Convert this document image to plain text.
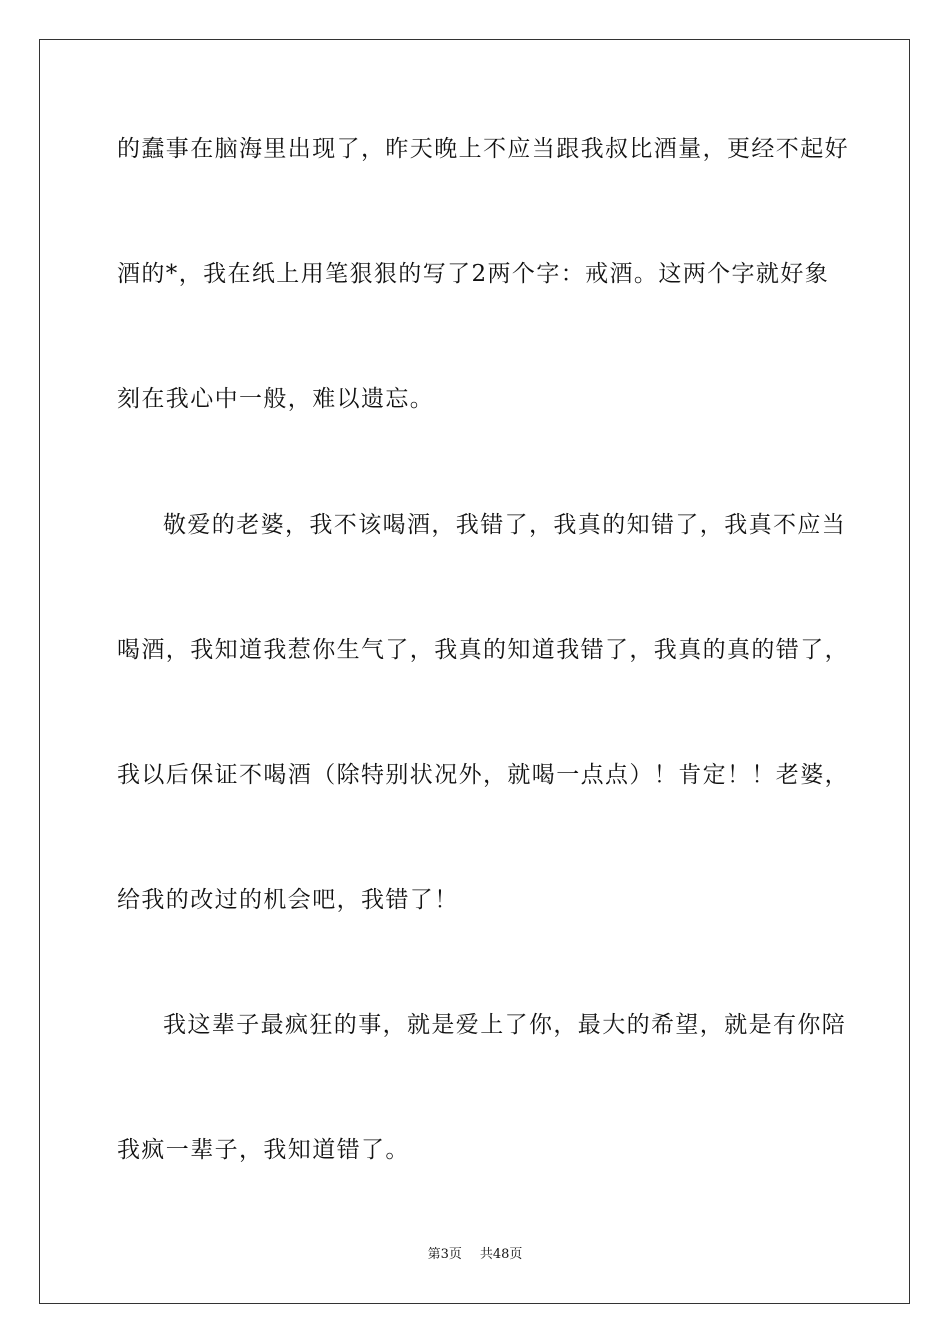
的蠢事在脑海里出现了，昨天晚上不应当跟我叔比酒量，更经不起好
酒的*，我在纸上用笔狠狠的写了2两个字：戒酒。这两个字就好象
刻在我心中一般，难以遗忘。
敬爱的老婆，我不该喝酒，我错了，我真的知错了，我真不应当
喝酒，我知道我惹你生气了，我真的知道我错了，我真的真的错了，
我以后保证不喝酒（除特别状况外，就喝一点点）！肯定！！老婆，
给我的改过的机会吧，我错了！
我这辈子最疯狂的事，就是爱上了你，最大的希望，就是有你陪
我疯一辈子，我知道错了。
第3页 共48页
